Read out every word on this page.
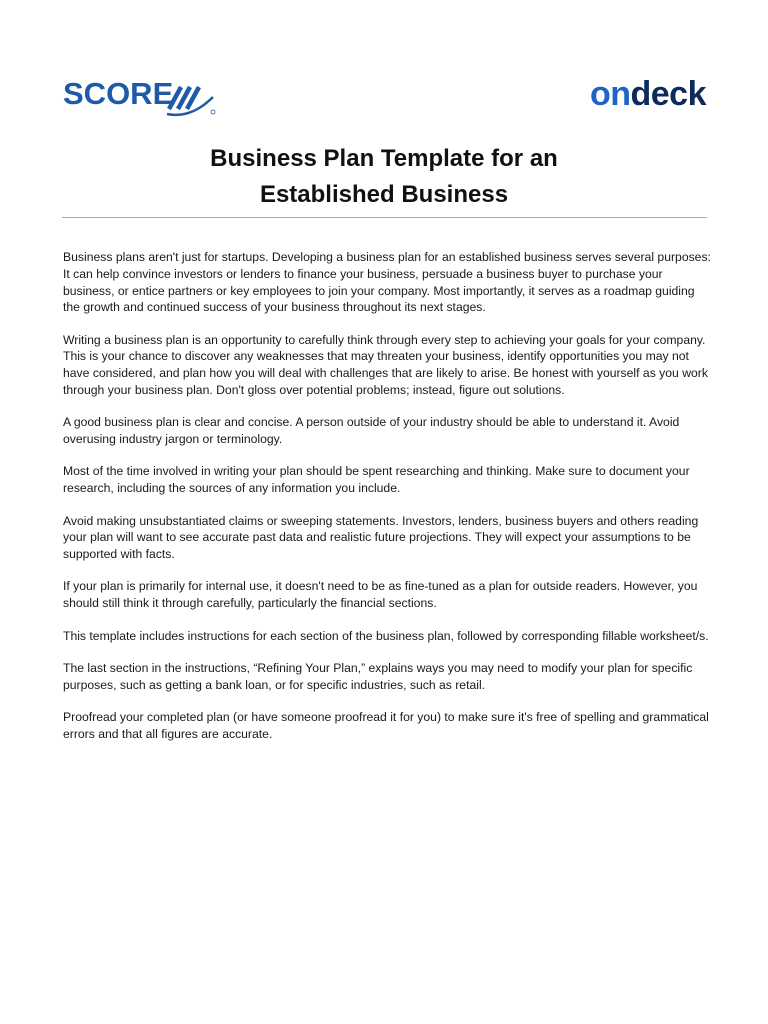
SCORE	ondeck
Business Plan Template for an
Established Business

Business plans aren't just for startups. Developing a business plan for an established business serves several purposes: It can help convince investors or lenders to finance your business, persuade a business buyer to purchase your business, or entice partners or key employees to join your company. Most importantly, it serves as a roadmap guiding the growth and continued success of your business throughout its next stages.

Writing a business plan is an opportunity to carefully think through every step to achieving your goals for your company. This is your chance to discover any weaknesses that may threaten your business, identify opportunities you may not have considered, and plan how you will deal with challenges that are likely to arise. Be honest with yourself as you work through your business plan. Don't gloss over potential problems; instead, figure out solutions.

A good business plan is clear and concise. A person outside of your industry should be able to understand it. Avoid overusing industry jargon or terminology.

Most of the time involved in writing your plan should be spent researching and thinking. Make sure to document your research, including the sources of any information you include.

Avoid making unsubstantiated claims or sweeping statements. Investors, lenders, business buyers and others reading your plan will want to see accurate past data and realistic future projections. They will expect your assumptions to be supported with facts.

If your plan is primarily for internal use, it doesn't need to be as fine-tuned as a plan for outside readers. However, you should still think it through carefully, particularly the financial sections.

This template includes instructions for each section of the business plan, followed by corresponding fillable worksheet/s.

The last section in the instructions, “Refining Your Plan,” explains ways you may need to modify your plan for specific purposes, such as getting a bank loan, or for specific industries, such as retail.

Proofread your completed plan (or have someone proofread it for you) to make sure it's free of spelling and grammatical errors and that all figures are accurate.
